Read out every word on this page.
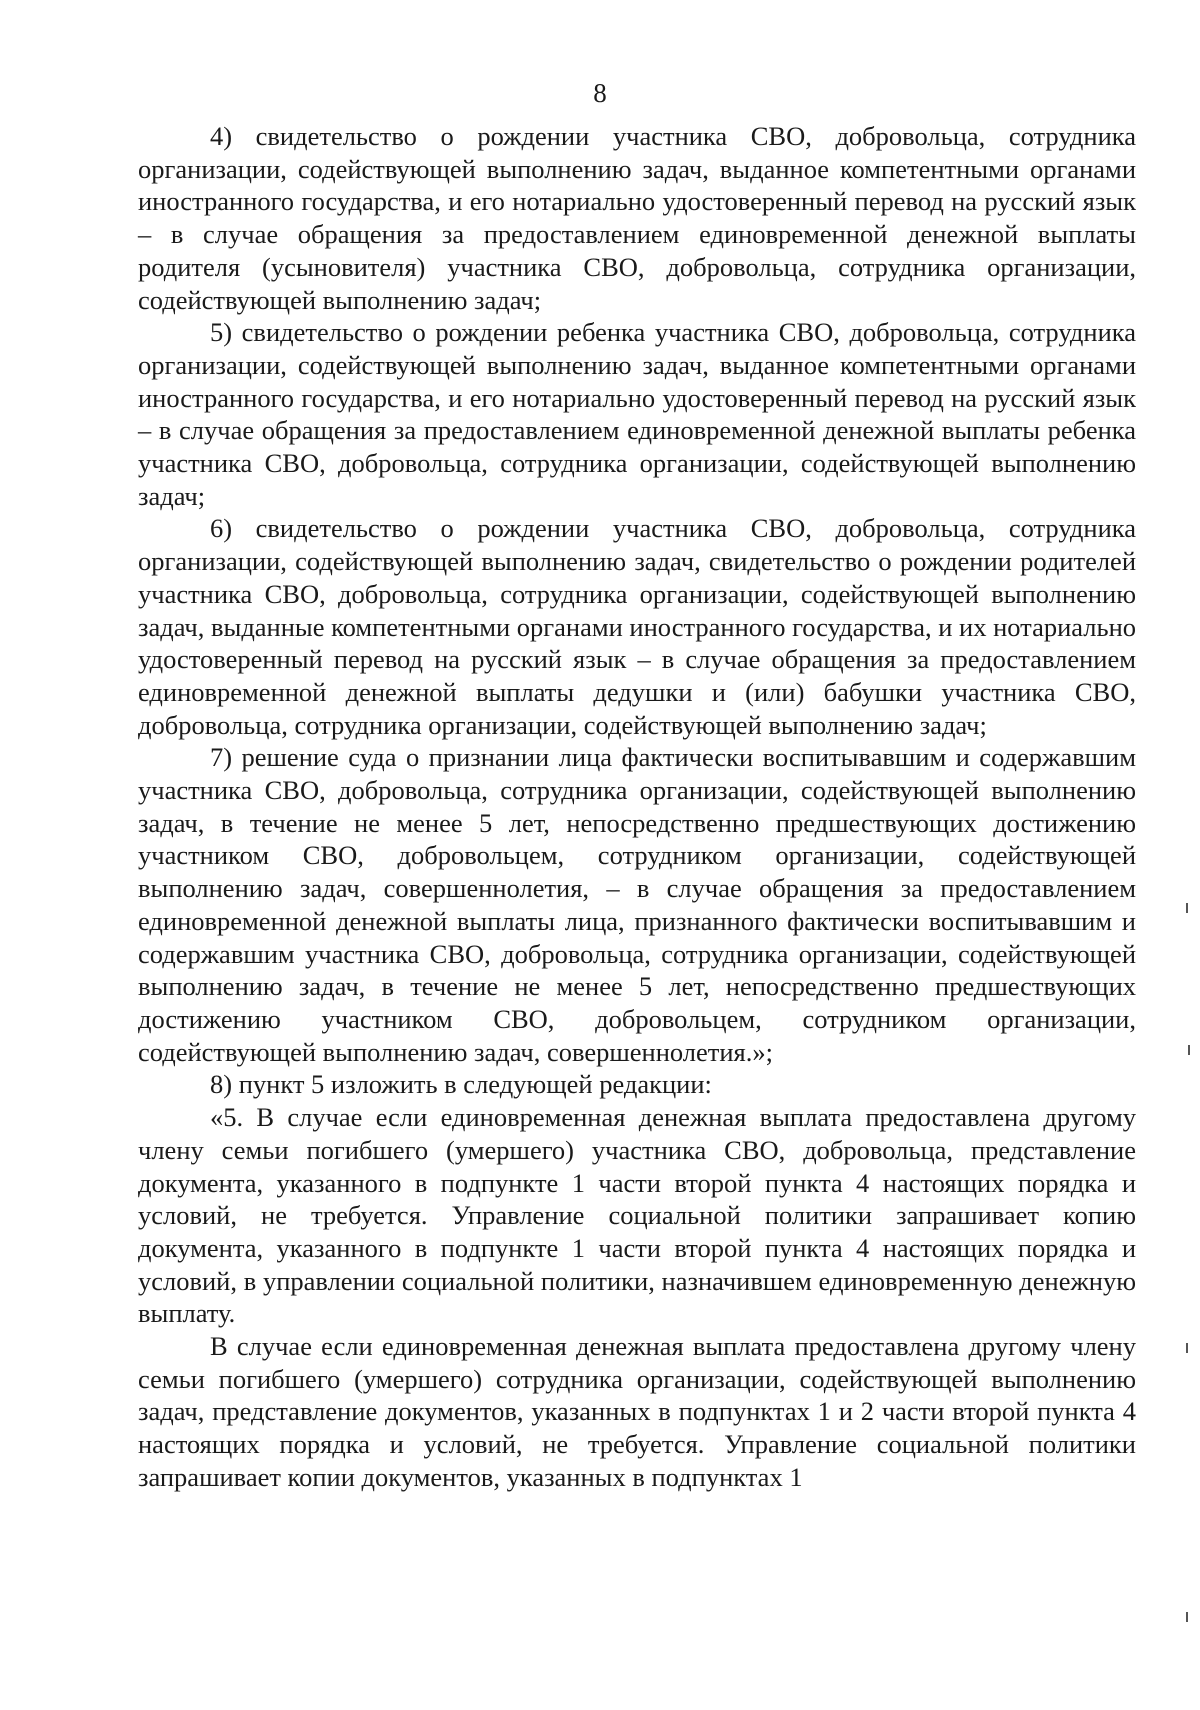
8

4) свидетельство о рождении участника СВО, добровольца, сотрудника организации, содействующей выполнению задач, выданное компетентными органами иностранного государства, и его нотариально удостоверенный перевод на русский язык – в случае обращения за предоставлением единовременной денежной выплаты родителя (усыновителя) участника СВО, добровольца, сотрудника организации, содействующей выполнению задач;

5) свидетельство о рождении ребенка участника СВО, добровольца, сотрудника организации, содействующей выполнению задач, выданное компетентными органами иностранного государства, и его нотариально удостоверенный перевод на русский язык – в случае обращения за предоставлением единовременной денежной выплаты ребенка участника СВО, добровольца, сотрудника организации, содействующей выполнению задач;

6) свидетельство о рождении участника СВО, добровольца, сотрудника организации, содействующей выполнению задач, свидетельство о рождении родителей участника СВО, добровольца, сотрудника организации, содействующей выполнению задач, выданные компетентными органами иностранного государства, и их нотариально удостоверенный перевод на русский язык – в случае обращения за предоставлением единовременной денежной выплаты дедушки и (или) бабушки участника СВО, добровольца, сотрудника организации, содействующей выполнению задач;

7) решение суда о признании лица фактически воспитывавшим и содержавшим участника СВО, добровольца, сотрудника организации, содействующей выполнению задач, в течение не менее 5 лет, непосредственно предшествующих достижению участником СВО, добровольцем, сотрудником организации, содействующей выполнению задач, совершеннолетия, – в случае обращения за предоставлением единовременной денежной выплаты лица, признанного фактически воспитывавшим и содержавшим участника СВО, добровольца, сотрудника организации, содействующей выполнению задач, в течение не менее 5 лет, непосредственно предшествующих достижению участником СВО, добровольцем, сотрудником организации, содействующей выполнению задач, совершеннолетия.»;

8) пункт 5 изложить в следующей редакции:

«5. В случае если единовременная денежная выплата предоставлена другому члену семьи погибшего (умершего) участника СВО, добровольца, представление документа, указанного в подпункте 1 части второй пункта 4 настоящих порядка и условий, не требуется. Управление социальной политики запрашивает копию документа, указанного в подпункте 1 части второй пункта 4 настоящих порядка и условий, в управлении социальной политики, назначившем единовременную денежную выплату.

В случае если единовременная денежная выплата предоставлена другому члену семьи погибшего (умершего) сотрудника организации, содействующей выполнению задач, представление документов, указанных в подпунктах 1 и 2 части второй пункта 4 настоящих порядка и условий, не требуется. Управление социальной политики запрашивает копии документов, указанных в подпунктах 1
